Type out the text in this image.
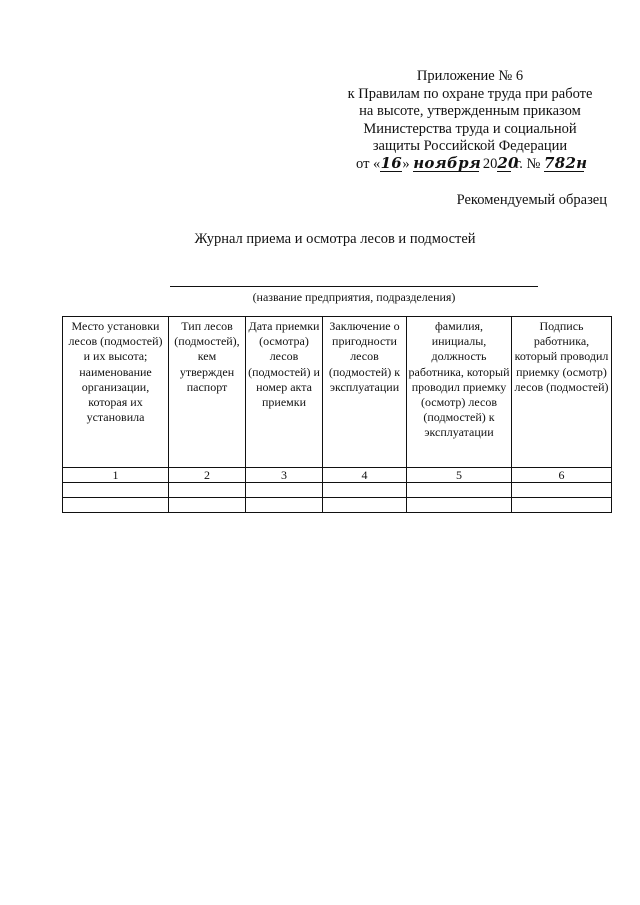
Приложение № 6
к Правилам по охране труда при работе
на высоте, утвержденным приказом
Министерства труда и социальной
защиты Российской Федерации
от «16» ноября 2020 г. № 782н
Рекомендуемый образец
Журнал приема и осмотра лесов и подмостей
(название предприятия, подразделения)
Место установки лесов (подмостей) и их высота; наименование организации, которая их установила	Тип лесов (подмостей), кем утвержден паспорт	Дата приемки (осмотра) лесов (подмостей) и номер акта приемки	Заключение о пригодности лесов (подмостей) к эксплуатации	фамилия, инициалы, должность работника, который проводил приемку (осмотр) лесов (подмостей) к эксплуатации	Подпись работника, который проводил приемку (осмотр) лесов (подмостей)
1	2	3	4	5	6
